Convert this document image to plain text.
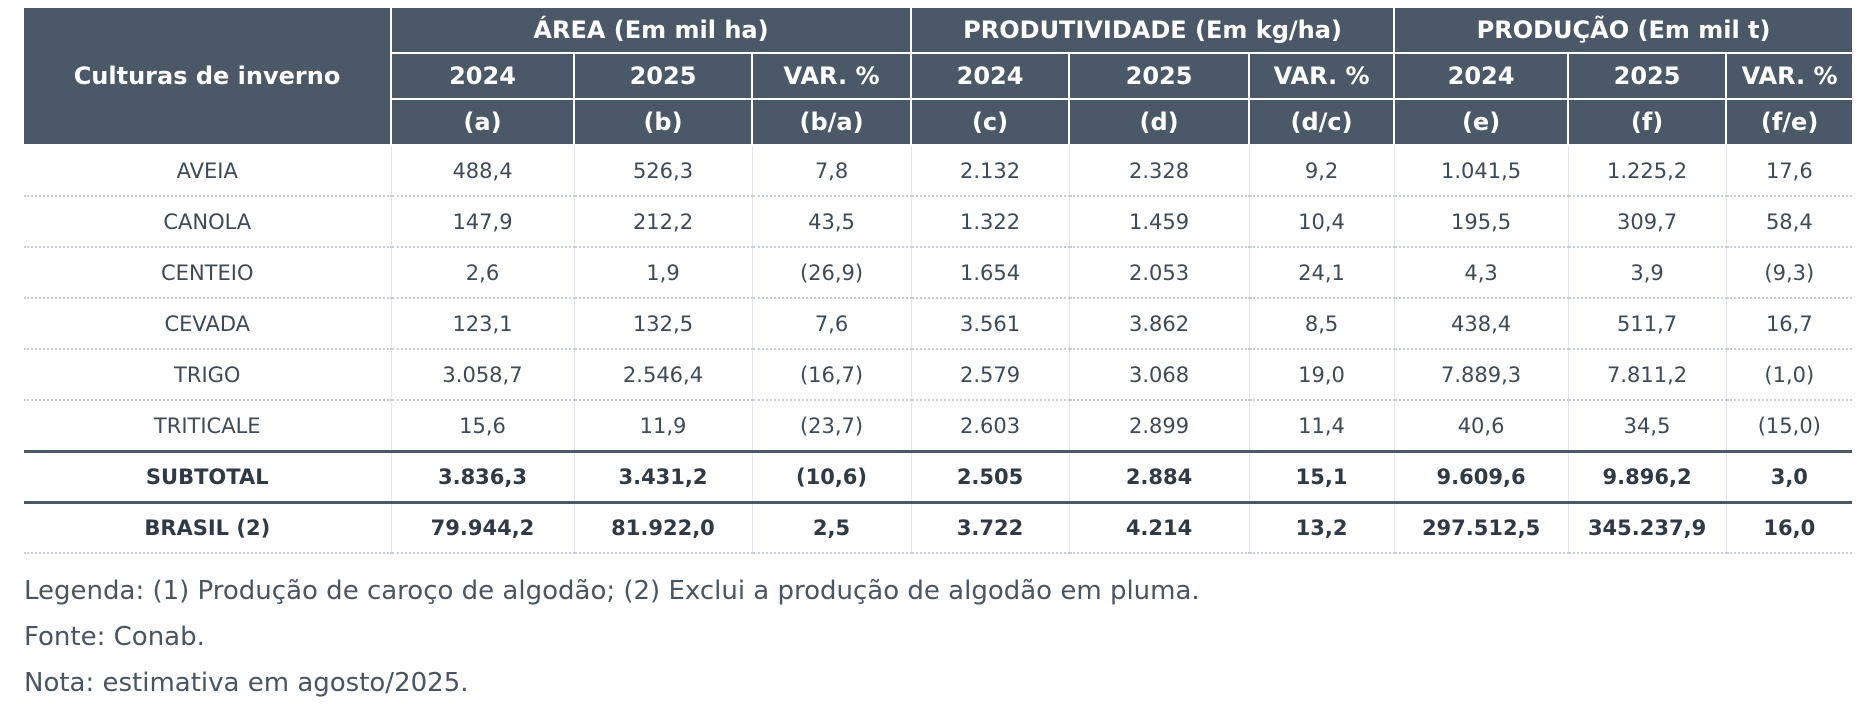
Culturas de inverno	ÁREA (Em mil ha)			PRODUTIVIDADE (Em kg/ha)			PRODUÇÃO (Em mil t)		
	2024	2025	VAR. %	2024	2025	VAR. %	2024	2025	VAR. %
	(a)	(b)	(b/a)	(c)	(d)	(d/c)	(e)	(f)	(f/e)
AVEIA	488,4	526,3	7,8	2.132	2.328	9,2	1.041,5	1.225,2	17,6
CANOLA	147,9	212,2	43,5	1.322	1.459	10,4	195,5	309,7	58,4
CENTEIO	2,6	1,9	(26,9)	1.654	2.053	24,1	4,3	3,9	(9,3)
CEVADA	123,1	132,5	7,6	3.561	3.862	8,5	438,4	511,7	16,7
TRIGO	3.058,7	2.546,4	(16,7)	2.579	3.068	19,0	7.889,3	7.811,2	(1,0)
TRITICALE	15,6	11,9	(23,7)	2.603	2.899	11,4	40,6	34,5	(15,0)
SUBTOTAL	3.836,3	3.431,2	(10,6)	2.505	2.884	15,1	9.609,6	9.896,2	3,0
BRASIL (2)	79.944,2	81.922,0	2,5	3.722	4.214	13,2	297.512,5	345.237,9	16,0

Legenda: (1) Produção de caroço de algodão; (2) Exclui a produção de algodão em pluma.

Fonte: Conab.

Nota: estimativa em agosto/2025.
